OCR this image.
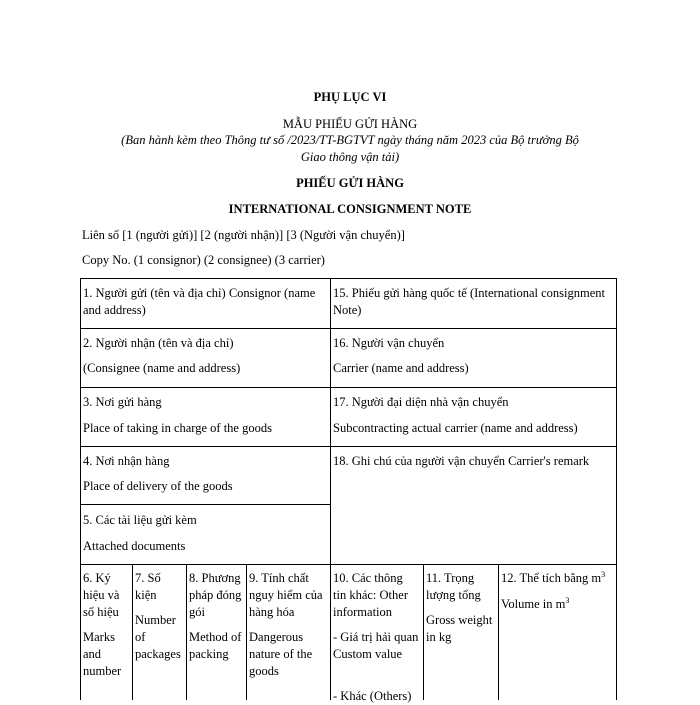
PHỤ LỤC VI
MẪU PHIẾU GỬI HÀNG
(Ban hành kèm theo Thông tư số /2023/TT-BGTVT ngày tháng năm 2023 của Bộ trưởng Bộ
Giao thông vận tải)
PHIẾU GỬI HÀNG
INTERNATIONAL CONSIGNMENT NOTE
Liên số [1 (người gửi)] [2 (người nhận)] [3 (Người vận chuyển)]
Copy No. (1 consignor) (2 consignee) (3 carrier)
1. Người gửi (tên và địa chỉ) Consignor (name and address)
15. Phiếu gửi hàng quốc tế (International consignment Note)
2. Người nhận (tên và địa chỉ)
(Consignee (name and address)
16. Người vận chuyển
Carrier (name and address)
3. Nơi gửi hàng
Place of taking in charge of the goods
17. Người đại diện nhà vận chuyển
Subcontracting actual carrier (name and address)
4. Nơi nhận hàng
Place of delivery of the goods
18. Ghi chú của người vận chuyển Carrier's remark
5. Các tài liệu gửi kèm
Attached documents
6. Ký hiệu và số hiệu
Marks and number
7. Số kiện
Number of packages
8. Phương pháp đóng gói
Method of packing
9. Tính chất nguy hiểm của hàng hóa
Dangerous nature of the goods
10. Các thông tin khác: Other information
- Giá trị hải quan Custom value
- Khác (Others)
11. Trọng lượng tổng
Gross weight in kg
12. Thể tích bằng $m^3$
Volume in $m^3$
